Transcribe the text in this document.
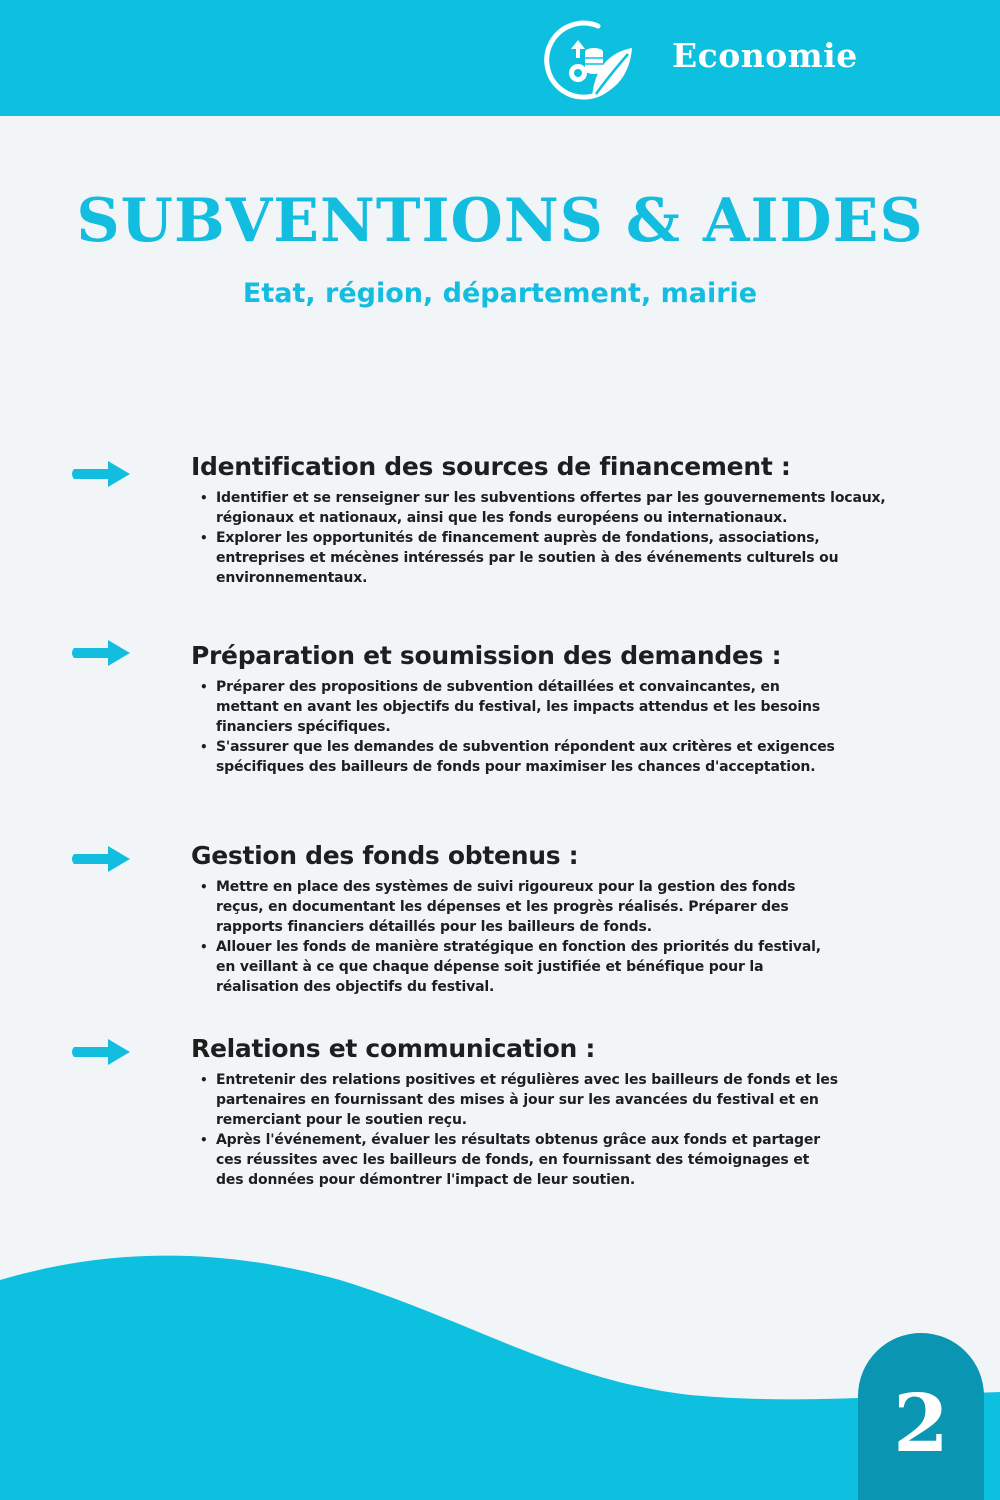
Economie
SUBVENTIONS & AIDES
Etat, région, département, mairie
Identification des sources de financement :
• Identifier et se renseigner sur les subventions offertes par les gouvernements locaux, régionaux et nationaux, ainsi que les fonds européens ou internationaux.
• Explorer les opportunités de financement auprès de fondations, associations, entreprises et mécènes intéressés par le soutien à des événements culturels ou environnementaux.
Préparation et soumission des demandes :
• Préparer des propositions de subvention détaillées et convaincantes, en mettant en avant les objectifs du festival, les impacts attendus et les besoins financiers spécifiques.
• S'assurer que les demandes de subvention répondent aux critères et exigences spécifiques des bailleurs de fonds pour maximiser les chances d'acceptation.
Gestion des fonds obtenus :
• Mettre en place des systèmes de suivi rigoureux pour la gestion des fonds reçus, en documentant les dépenses et les progrès réalisés. Préparer des rapports financiers détaillés pour les bailleurs de fonds.
• Allouer les fonds de manière stratégique en fonction des priorités du festival, en veillant à ce que chaque dépense soit justifiée et bénéfique pour la réalisation des objectifs du festival.
Relations et communication :
• Entretenir des relations positives et régulières avec les bailleurs de fonds et les partenaires en fournissant des mises à jour sur les avancées du festival et en remerciant pour le soutien reçu.
• Après l'événement, évaluer les résultats obtenus grâce aux fonds et partager ces réussites avec les bailleurs de fonds, en fournissant des témoignages et des données pour démontrer l'impact de leur soutien.
2
